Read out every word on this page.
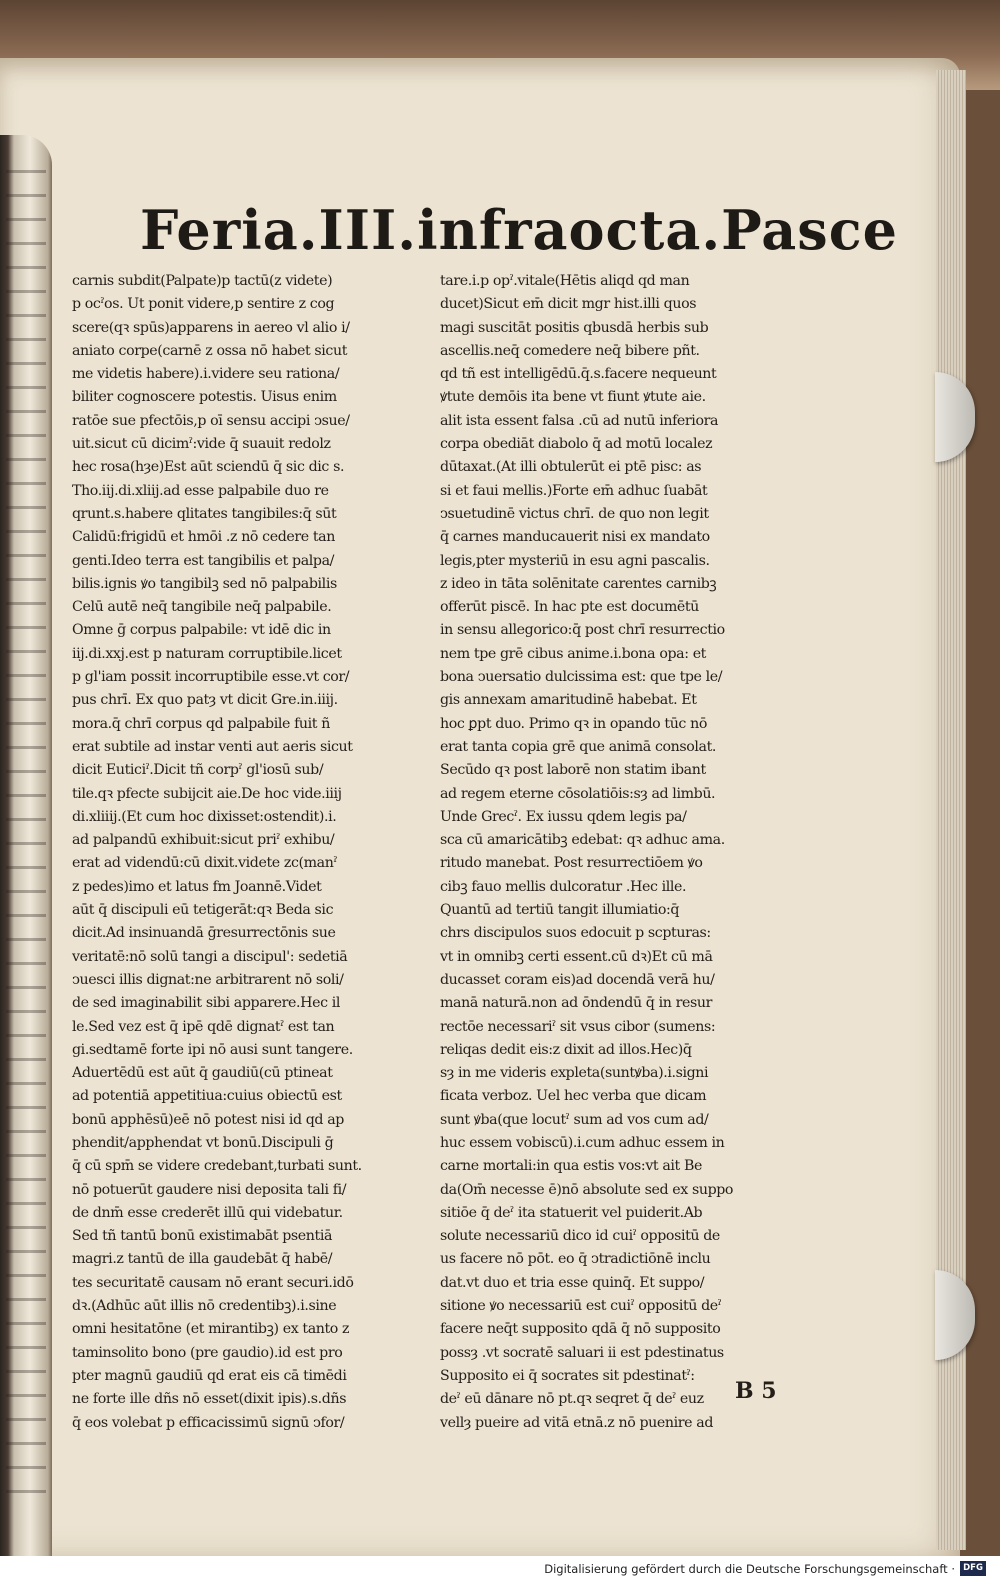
Feria.III.infraocta.Pasce
carnis subdit(Palpate)p tactū(z videte)
p ocˀos. Ut ponit videre,p sentire z cog
scere(qꝛ spūs)apparens in aereo vl alio i/
aniato corpe(carnē z ossa nō habet sicut
me videtis habere).i.videre seu rationa/
biliter cognoscere potestis. Uisus enim
ratōe sue pfectōis,p oī sensu accipi ↄsue/
uit.sicut cū dicimˀ:vide q̄ suauit redolz
hec rosa(hȝe)Est aūt sciendū q̄ sic dic s.
Tho.iij.di.xliij.ad esse palpabile duo re
qrunt.s.habere qlitates tangibiles:q̄ sūt
Calidū:frigidū et hmōi .z nō cedere tan
genti.Ideo terra est tangibilis et palpa/
bilis.ignis ꝟo tangibilꝫ sed nō palpabilis
Celū autē neq̄ tangibile neq̄ palpabile.
Omne ḡ corpus palpabile: vt idē dic in
iij.di.xxj.est p naturam corruptibile.licet
p gl'iam possit incorruptibile esse.vt cor/
pus chrī. Ex quo patȝ vt dicit Gre.in.iiij.
mora.q̄ chrī corpus qd palpabile fuit ñ
erat subtile ad instar venti aut aeris sicut
dicit Euticiˀ.Dicit tñ corpˀ gl'iosū sub/
tile.qꝛ pfecte subijcit aie.De hoc vide.iiij
di.xliiij.(Et cum hoc dixisset:ostendit).i.
ad palpandū exhibuit:sicut priˀ exhibu/
erat ad videndū:cū dixit.videte zc(manˀ
z pedes)imo et latus fm Joannē.Videt
aūt q̄ discipuli eū tetigerāt:qꝛ Beda sic
dicit.Ad insinuandā ḡresurrectōnis sue
veritatē:nō solū tangi a discipul': sedetiā
ↄuesci illis dignat:ne arbitrarent nō soli/
de sed imaginabilit sibi apparere.Hec il
le.Sed vez est q̄ ipē qdē dignatˀ est tan
gi.sedtamē forte ipi nō ausi sunt tangere.
Aduertēdū est aūt q̄ gaudiū(cū ptineat
ad potentiā appetitiua:cuius obiectū est
bonū apphēsū)eē nō potest nisi id qd ap
phendit/apphendat vt bonū.Discipuli ḡ
q̄ cū spm̄ se videre credebant,turbati sunt.
nō potuerūt gaudere nisi deposita tali fi/
de dnm̄ esse crederēt illū qui videbatur.
Sed tñ tantū bonū existimabāt psentiā
magri.z tantū de illa gaudebāt q̄ habē/
tes securitatē causam nō erant securi.idō
dꝛ.(Adhūc aūt illis nō credentibꝫ).i.sine
omni hesitatōne (et mirantibꝫ) ex tanto z
taminsolito bono (pre gaudio).id est pro
pter magnū gaudiū qd erat eis cā timēdi
ne forte ille dñs nō esset(dixit ipis).s.dñs
q̄ eos volebat p efficacissimū signū ↄfor/
tare.i.p opˀ.vitale(Hētis aliqd qd man
ducet)Sicut em̄ dicit mgr hist.illi quos
magi suscitāt positis qbusdā herbis sub
ascellis.neq̄ comedere neq̄ bibere pñt.
qd tñ est intelligēdū.q̄.s.facere nequeunt
ꝟtute demōis ita bene vt fiunt ꝟtute aie.
alit ista essent falsa .cū ad nutū inferiora
corpa obediāt diabolo q̄ ad motū localez
dūtaxat.(At illi obtulerūt ei ptē pisc: as
si et faui mellis.)Forte em̄ adhuc ſuabāt
ↄsuetudinē victus chrī. de quo non legit
q̄ carnes manducauerit nisi ex mandato
legis,pter mysteriū in esu agni pascalis.
z ideo in tāta solēnitate carentes carnibꝫ
offerūt piscē. In hac pte est documētū
in sensu allegorico:q̄ post chrī resurrectio
nem tpe grē cibus anime.i.bona opa: et
bona ↄuersatio dulcissima est: que tpe le/
gis annexam amaritudinē habebat. Et
hoc ꝑpt duo. Primo qꝛ in opando tūc nō
erat tanta copia grē que animā consolat.
Secūdo qꝛ post laborē non statim ibant
ad regem eterne cōsolatiōis:sȝ ad limbū.
Unde Grecˀ. Ex iussu qdem legis pa/
sca cū amaricātibꝫ edebat: qꝛ adhuc ama.
ritudo manebat. Post resurrectiōem ꝟo
cibꝫ fauo mellis dulcoratur .Hec ille.
Quantū ad tertiū tangit illumiatio:q̄
chrs discipulos suos edocuit p scpturas:
vt in omnibꝫ certi essent.cū dꝛ)Et cū mā
ducasset coram eis)ad docendā verā hu/
manā naturā.non ad ōndendū q̄ in resur
rectōe necessariˀ sit vsus cibor (sumens:
reliqas dedit eis:z dixit ad illos.Hec)q̄
sȝ in me videris expleta(suntꝟba).i.signi
ficata verboz. Uel hec verba que dicam
sunt ꝟba(que locutˀ sum ad vos cum ad/
huc essem vobiscū).i.cum adhuc essem in
carne mortali:in qua estis vos:vt ait Be
da(Om̄ necesse ē)nō absolute sed ex suppo
sitiōe q̄ deˀ ita statuerit vel puiderit.Ab
solute necessariū dico id cuiˀ oppositū de
us facere nō pōt. eo q̄ ↄtradictiōnē inclu
dat.vt duo et tria esse quinq̄. Et suppo/
sitione ꝟo necessariū est cuiˀ oppositū deˀ
facere neq̄t supposito qdā q̄ nō supposito
possȝ .vt socratē saluari ii est pdestinatus
Supposito ei q̄ socrates sit pdestinatˀ:
deˀ eū dānare nō pt.qꝛ seqret q̄ deˀ euz
vellȝ pueire ad vitā etnā.z nō puenire ad
B 5
Digitalisierung gefördert durch die Deutsche Forschungsgemeinschaft · DFG
